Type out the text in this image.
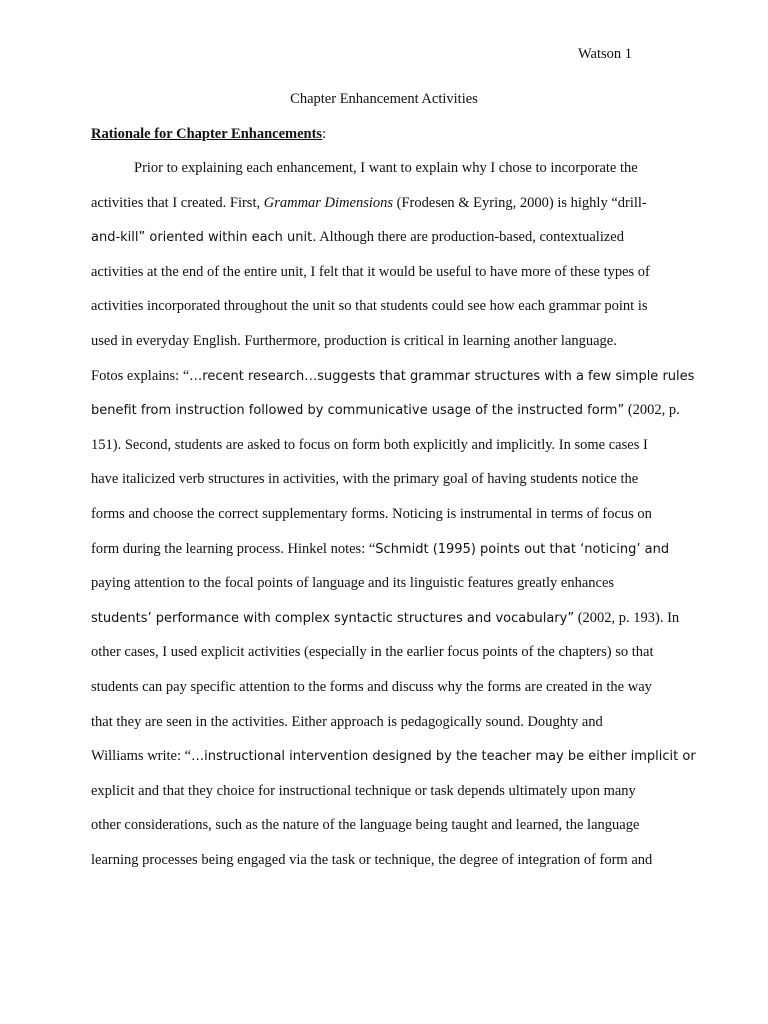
Watson 1
Chapter Enhancement Activities
Rationale for Chapter Enhancements:
Prior to explaining each enhancement, I want to explain why I chose to incorporate the
activities that I created. First, Grammar Dimensions (Frodesen & Eyring, 2000) is highly “drill-
and-kill” oriented within each unit. Although there are production-based, contextualized
activities at the end of the entire unit, I felt that it would be useful to have more of these types of
activities incorporated throughout the unit so that students could see how each grammar point is
used in everyday English. Furthermore, production is critical in learning another language.
Fotos explains: “…recent research…suggests that grammar structures with a few simple rules
benefit from instruction followed by communicative usage of the instructed form” (2002, p.
151). Second, students are asked to focus on form both explicitly and implicitly. In some cases I
have italicized verb structures in activities, with the primary goal of having students notice the
forms and choose the correct supplementary forms. Noticing is instrumental in terms of focus on
form during the learning process. Hinkel notes: “Schmidt (1995) points out that ‘noticing’ and
paying attention to the focal points of language and its linguistic features greatly enhances
students’ performance with complex syntactic structures and vocabulary” (2002, p. 193). In
other cases, I used explicit activities (especially in the earlier focus points of the chapters) so that
students can pay specific attention to the forms and discuss why the forms are created in the way
that they are seen in the activities. Either approach is pedagogically sound. Doughty and
Williams write: “…instructional intervention designed by the teacher may be either implicit or
explicit and that they choice for instructional technique or task depends ultimately upon many
other considerations, such as the nature of the language being taught and learned, the language
learning processes being engaged via the task or technique, the degree of integration of form and
